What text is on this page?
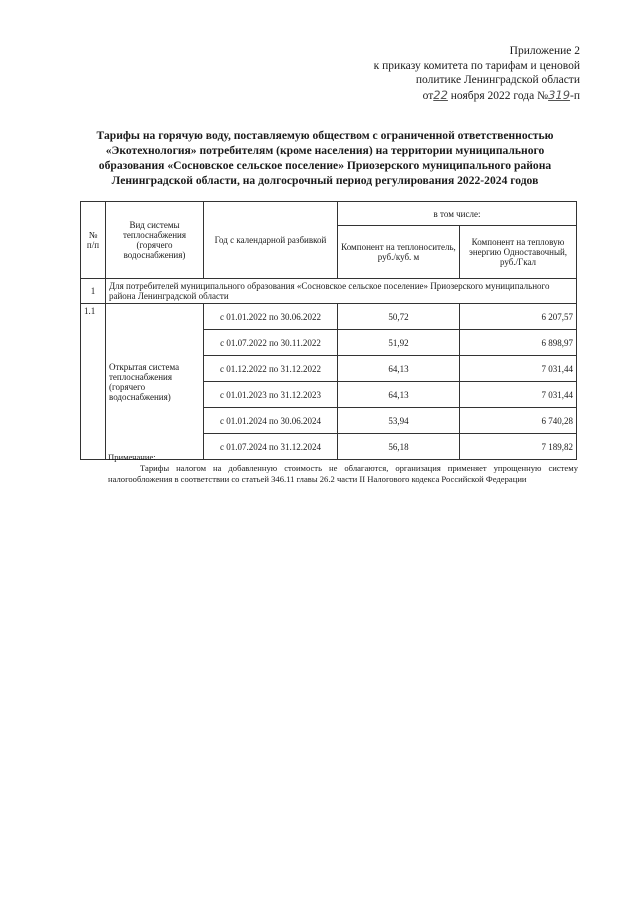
Приложение 2
к приказу комитета по тарифам и ценовой
политике Ленинградской области
от22 ноября 2022 года №319-п
Тарифы на горячую воду, поставляемую обществом с ограниченной ответственностью «Экотехнология» потребителям (кроме населения) на территории муниципального образования «Сосновское сельское поселение» Приозерского муниципального района Ленинградской области, на долгосрочный период регулирования 2022-2024 годов
№ п/п	Вид системы теплоснабжения (горячего водоснабжения)	Год с календарной разбивкой	в том числе:	
			Компонент на теплоноситель, руб./куб. м	Компонент на тепловую энергию Одноставочный, руб./Гкал
1	Для потребителей муниципального образования «Сосновское сельское поселение» Приозерского муниципального района Ленинградской области			
1.1	Открытая система теплоснабжения (горячего водоснабжения)	с 01.01.2022 по 30.06.2022	50,72	6 207,57
		с 01.07.2022 по 30.11.2022	51,92	6 898,97
		с 01.12.2022 по 31.12.2022	64,13	7 031,44
		с 01.01.2023 по 31.12.2023	64,13	7 031,44
		с 01.01.2024 по 30.06.2024	53,94	6 740,28
		с 01.07.2024 по 31.12.2024	56,18	7 189,82
Примечание:
Тарифы налогом на добавленную стоимость не облагаются, организация применяет упрощенную систему налогообложения в соответствии со статьей 346.11 главы 26.2 части II Налогового кодекса Российской Федерации
